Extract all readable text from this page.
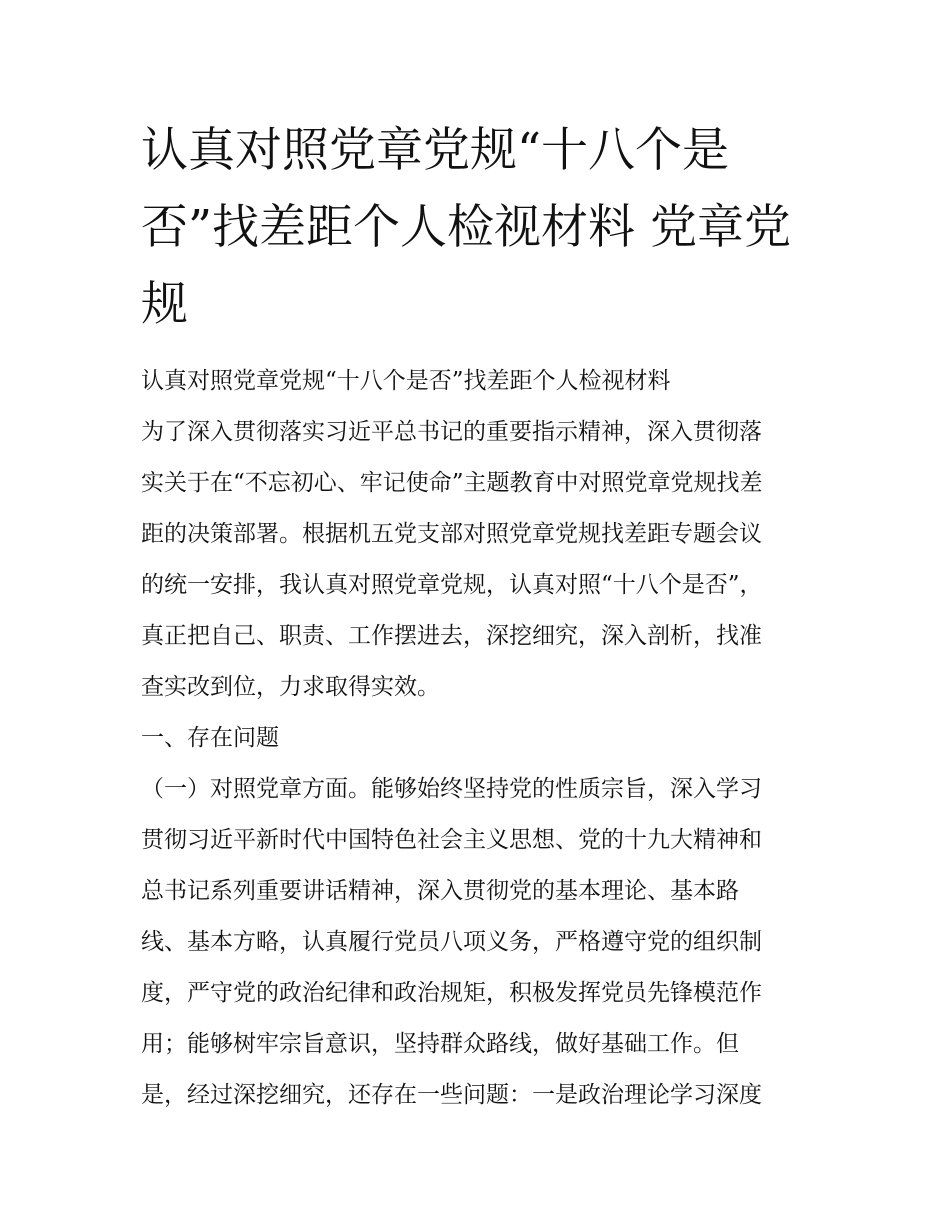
认真对照党章党规“十八个是否”找差距个人检视材料 党章党规
认真对照党章党规“十八个是否”找差距个人检视材料
为了深入贯彻落实习近平总书记的重要指示精神，深入贯彻落
实关于在“不忘初心、牢记使命”主题教育中对照党章党规找差
距的决策部署。根据机五党支部对照党章党规找差距专题会议
的统一安排，我认真对照党章党规，认真对照“十八个是否”，
真正把自己、职责、工作摆进去，深挖细究，深入剖析，找准
查实改到位，力求取得实效。
一、存在问题
（一）对照党章方面。能够始终坚持党的性质宗旨，深入学习
贯彻习近平新时代中国特色社会主义思想、党的十九大精神和
总书记系列重要讲话精神，深入贯彻党的基本理论、基本路
线、基本方略，认真履行党员八项义务，严格遵守党的组织制
度，严守党的政治纪律和政治规矩，积极发挥党员先锋模范作
用；能够树牢宗旨意识，坚持群众路线，做好基础工作。但
是，经过深挖细究，还存在一些问题：一是政治理论学习深度
